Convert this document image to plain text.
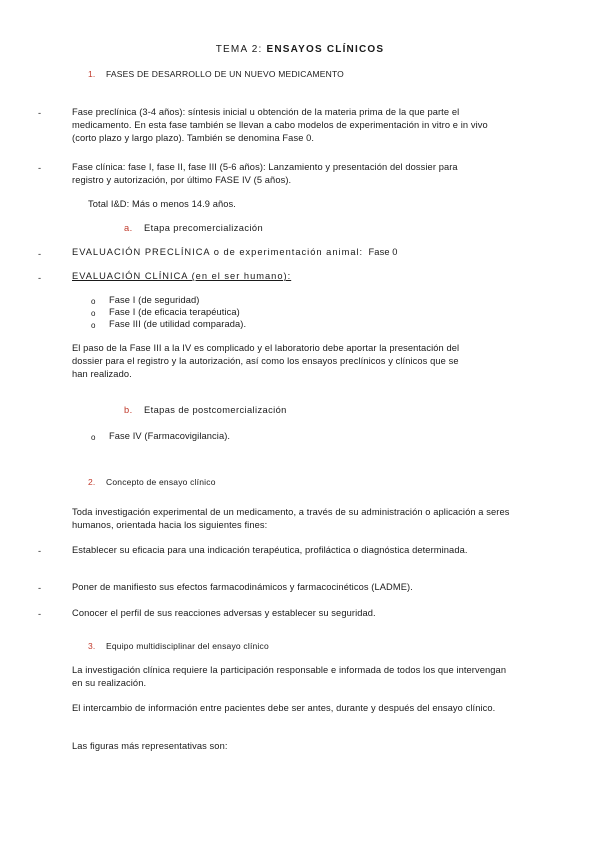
TEMA 2: ENSAYOS CLÍNICOS
1. FASES DE DESARROLLO DE UN NUEVO MEDICAMENTO
-	Fase preclínica (3-4 años): síntesis inicial u obtención de la materia prima de la que parte el medicamento. En esta fase también se llevan a cabo modelos de experimentación in vitro e in vivo (corto plazo y largo plazo). También se denomina Fase 0.
-	Fase clínica: fase I, fase II, fase III (5-6 años): Lanzamiento y presentación del dossier para registro y autorización, por último FASE IV (5 años).
Total I&D: Más o menos 14.9 años.
a. Etapa precomercialización
-	EVALUACIÓN PRECLÍNICA o de experimentación animal: Fase 0
-	EVALUACIÓN CLÍNICA (en el ser humano):
o Fase I (de seguridad)
o Fase I (de eficacia terapéutica)
o Fase III (de utilidad comparada).
El paso de la Fase III a la IV es complicado y el laboratorio debe aportar la presentación del dossier para el registro y la autorización, así como los ensayos preclínicos y clínicos que se han realizado.
b. Etapas de postcomercialización
o Fase IV (Farmacovigilancia).
2. Concepto de ensayo clínico
Toda investigación experimental de un medicamento, a través de su administración o aplicación a seres humanos, orientada hacia los siguientes fines:
-	Establecer su eficacia para una indicación terapéutica, profiláctica o diagnóstica determinada.
-	Poner de manifiesto sus efectos farmacodinámicos y farmacocinéticos (LADME).
-	Conocer el perfil de sus reacciones adversas y establecer su seguridad.
3. Equipo multidisciplinar del ensayo clínico
La investigación clínica requiere la participación responsable e informada de todos los que intervengan en su realización.
El intercambio de información entre pacientes debe ser antes, durante y después del ensayo clínico.
Las figuras más representativas son:
